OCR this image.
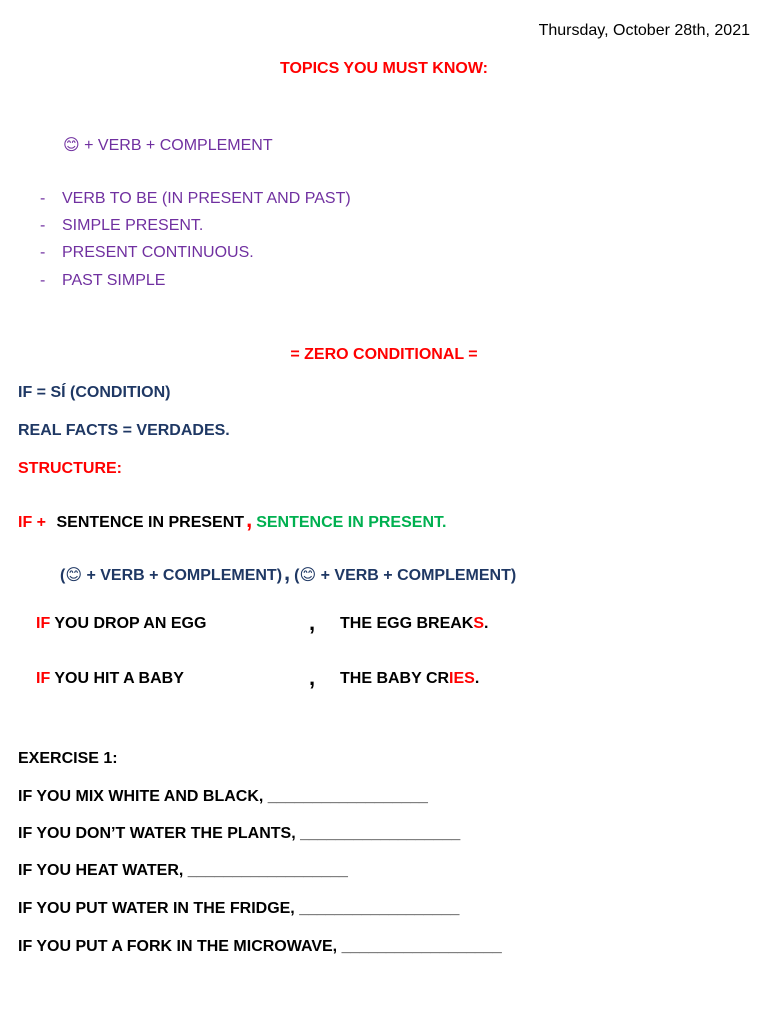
Thursday, October 28th, 2021
TOPICS YOU MUST KNOW:
😊 + VERB + COMPLEMENT
- VERB TO BE (IN PRESENT AND PAST)
- SIMPLE PRESENT.
- PRESENT CONTINUOUS.
- PAST SIMPLE
= ZERO CONDITIONAL =
IF = SÍ (CONDITION)
REAL FACTS = VERDADES.
STRUCTURE:
IF + SENTENCE IN PRESENT, SENTENCE IN PRESENT.
(😊 + VERB + COMPLEMENT), (😊 + VERB + COMPLEMENT)
IF YOU DROP AN EGG	, THE EGG BREAKS.
IF YOU HIT A BABY	, THE BABY CRIES.
EXERCISE 1:
IF YOU MIX WHITE AND BLACK, __________________
IF YOU DON’T WATER THE PLANTS, __________________
IF YOU HEAT WATER, __________________
IF YOU PUT WATER IN THE FRIDGE, __________________
IF YOU PUT A FORK IN THE MICROWAVE, __________________
